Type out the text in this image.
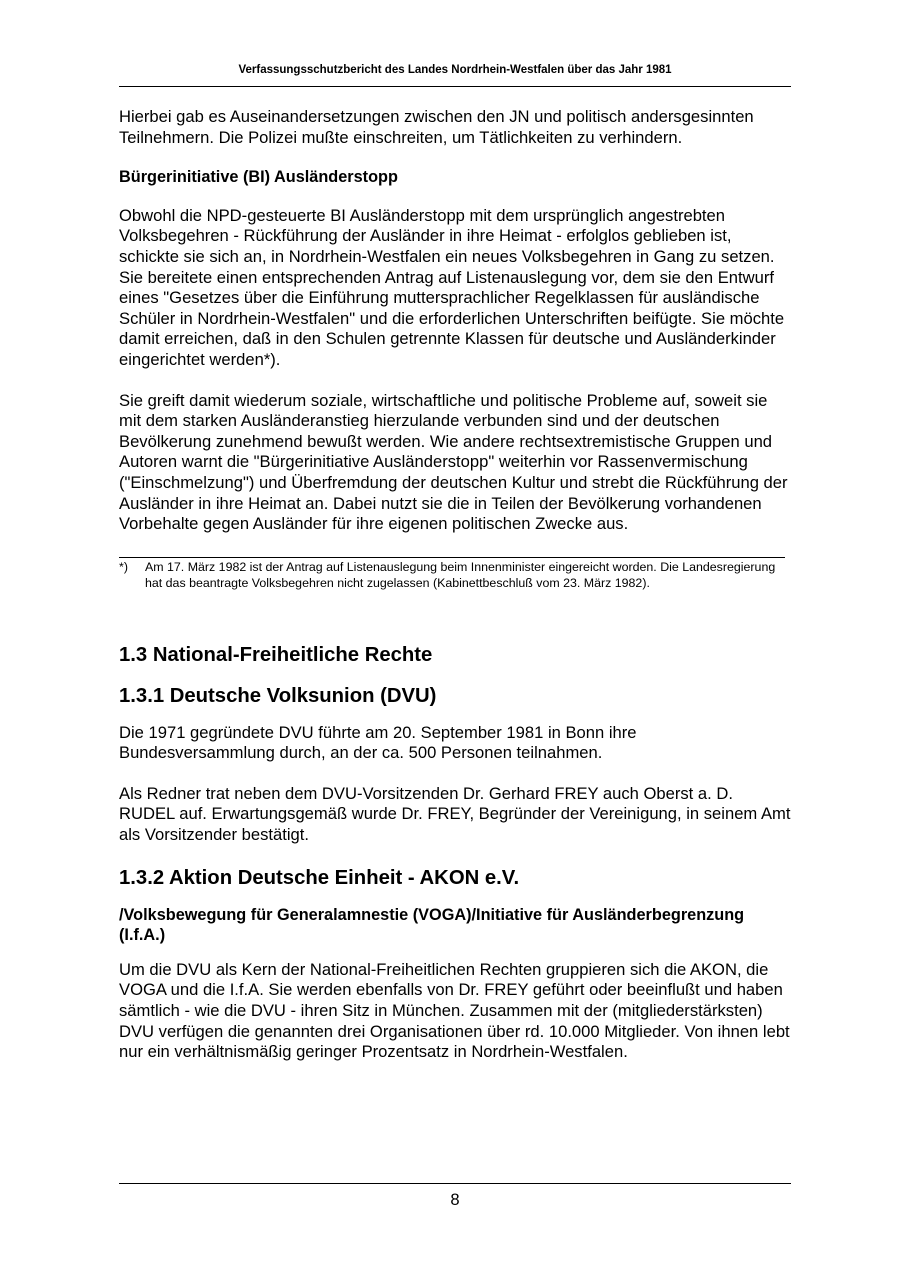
Verfassungsschutzbericht des Landes Nordrhein-Westfalen über das Jahr 1981

Hierbei gab es Auseinandersetzungen zwischen den JN und politisch andersgesinnten Teilnehmern. Die Polizei mußte einschreiten, um Tätlichkeiten zu verhindern.

Bürgerinitiative (BI) Ausländerstopp

Obwohl die NPD-gesteuerte BI Ausländerstopp mit dem ursprünglich angestrebten Volksbegehren - Rückführung der Ausländer in ihre Heimat - erfolglos geblieben ist, schickte sie sich an, in Nordrhein-Westfalen ein neues Volksbegehren in Gang zu setzen. Sie bereitete einen entsprechenden Antrag auf Listenauslegung vor, dem sie den Entwurf eines "Gesetzes über die Einführung muttersprachlicher Regelklassen für ausländische Schüler in Nordrhein-Westfalen" und die erforderlichen Unterschriften beifügte. Sie möchte damit erreichen, daß in den Schulen getrennte Klassen für deutsche und Ausländerkinder eingerichtet werden*).

Sie greift damit wiederum soziale, wirtschaftliche und politische Probleme auf, soweit sie mit dem starken Ausländeranstieg hierzulande verbunden sind und der deutschen Bevölkerung zunehmend bewußt werden. Wie andere rechtsextremistische Gruppen und Autoren warnt die "Bürgerinitiative Ausländerstopp" weiterhin vor Rassenvermischung ("Einschmelzung") und Überfremdung der deutschen Kultur und strebt die Rückführung der Ausländer in ihre Heimat an. Dabei nutzt sie die in Teilen der Bevölkerung vorhandenen Vorbehalte gegen Ausländer für ihre eigenen politischen Zwecke aus.

*)	Am 17. März 1982 ist der Antrag auf Listenauslegung beim Innenminister eingereicht worden. Die Landesregierung hat das beantragte Volksbegehren nicht zugelassen (Kabinettbeschluß vom 23. März 1982).
1.3 National-Freiheitliche Rechte
1.3.1 Deutsche Volksunion (DVU)

Die 1971 gegründete DVU führte am 20. September 1981 in Bonn ihre Bundesversammlung durch, an der ca. 500 Personen teilnahmen.

Als Redner trat neben dem DVU-Vorsitzenden Dr. Gerhard FREY auch Oberst a. D. RUDEL auf. Erwartungsgemäß wurde Dr. FREY, Begründer der Vereinigung, in seinem Amt als Vorsitzender bestätigt.

1.3.2 Aktion Deutsche Einheit - AKON e.V.
/Volksbewegung für Generalamnestie (VOGA)/Initiative für Ausländerbegrenzung (I.f.A.)

Um die DVU als Kern der National-Freiheitlichen Rechten gruppieren sich die AKON, die VOGA und die I.f.A. Sie werden ebenfalls von Dr. FREY geführt oder beeinflußt und haben sämtlich - wie die DVU - ihren Sitz in München. Zusammen mit der (mitgliederstärksten) DVU verfügen die genannten drei Organisationen über rd. 10.000 Mitglieder. Von ihnen lebt nur ein verhältnismäßig geringer Prozentsatz in Nordrhein-Westfalen.

8
